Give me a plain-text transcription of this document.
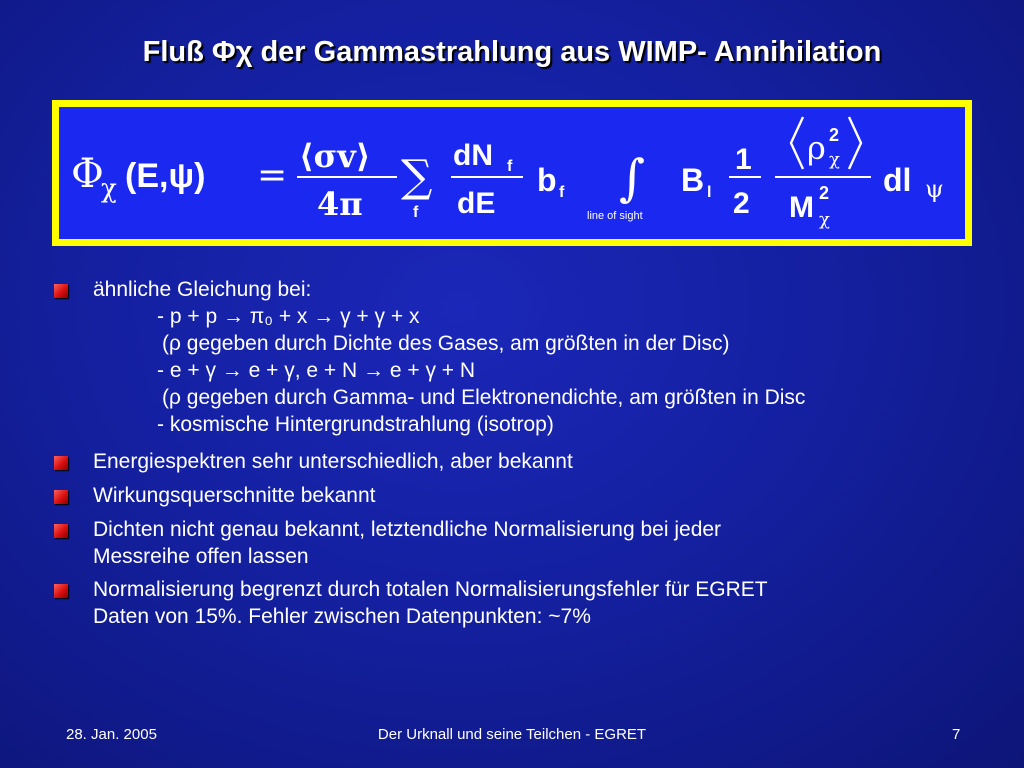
Fluß Φχ der Gammastrahlung aus WIMP- Annihilation
Φ
χ (E,ψ) = ⟨σv⟩
4π
∑
f
dN f
dE
b f ∫
line of sight
B l
1
2
ρ 2
χ
M 2
χ
dl ψ
ähnliche Gleichung bei:
- p + p → π₀ + x → γ + γ + x
(ρ gegeben durch Dichte des Gases, am größten in der Disc)
- e + γ → e + γ, e + N → e + γ + N
(ρ gegeben durch Gamma- und Elektronendichte, am größten in Disc
- kosmische Hintergrundstrahlung (isotrop)
Energiespektren sehr unterschiedlich, aber bekannt
Wirkungsquerschnitte bekannt
Dichten nicht genau bekannt, letztendliche Normalisierung bei jeder
Messreihe offen lassen
Normalisierung begrenzt durch totalen Normalisierungsfehler für EGRET
Daten von 15%. Fehler zwischen Datenpunkten: ~7%
28. Jan. 2005	Der Urknall und seine Teilchen - EGRET	7
